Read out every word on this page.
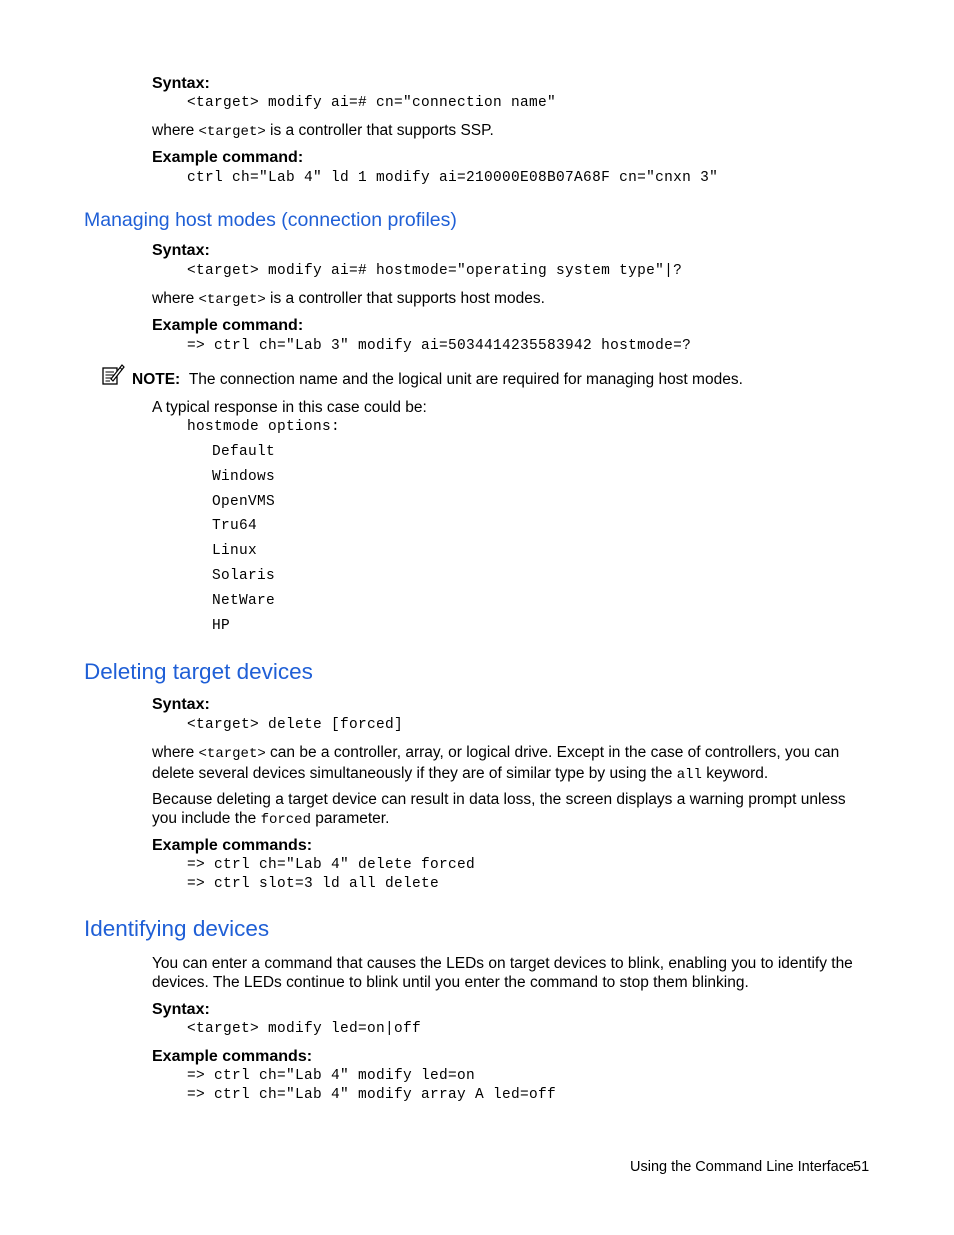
Syntax:
<target> modify ai=# cn="connection name"
where <target> is a controller that supports SSP.
Example command:
ctrl ch="Lab 4" ld 1 modify ai=210000E08B07A68F cn="cnxn 3"
Managing host modes (connection profiles)
Syntax:
<target> modify ai=# hostmode="operating system type"|?
where <target> is a controller that supports host modes.
Example command:
=> ctrl ch="Lab 3" modify ai=5034414235583942 hostmode=?
NOTE: The connection name and the logical unit are required for managing host modes.
A typical response in this case could be:
hostmode options:
Default
Windows
OpenVMS
Tru64
Linux
Solaris
NetWare
HP
Deleting target devices
Syntax:
<target> delete [forced]
where <target> can be a controller, array, or logical drive. Except in the case of controllers, you can delete several devices simultaneously if they are of similar type by using the all keyword.
Because deleting a target device can result in data loss, the screen displays a warning prompt unless you include the forced parameter.
Example commands:
=> ctrl ch="Lab 4" delete forced
=> ctrl slot=3 ld all delete
Identifying devices
You can enter a command that causes the LEDs on target devices to blink, enabling you to identify the devices. The LEDs continue to blink until you enter the command to stop them blinking.
Syntax:
<target> modify led=on|off
Example commands:
=> ctrl ch="Lab 4" modify led=on
=> ctrl ch="Lab 4" modify array A led=off
Using the Command Line Interface
51
